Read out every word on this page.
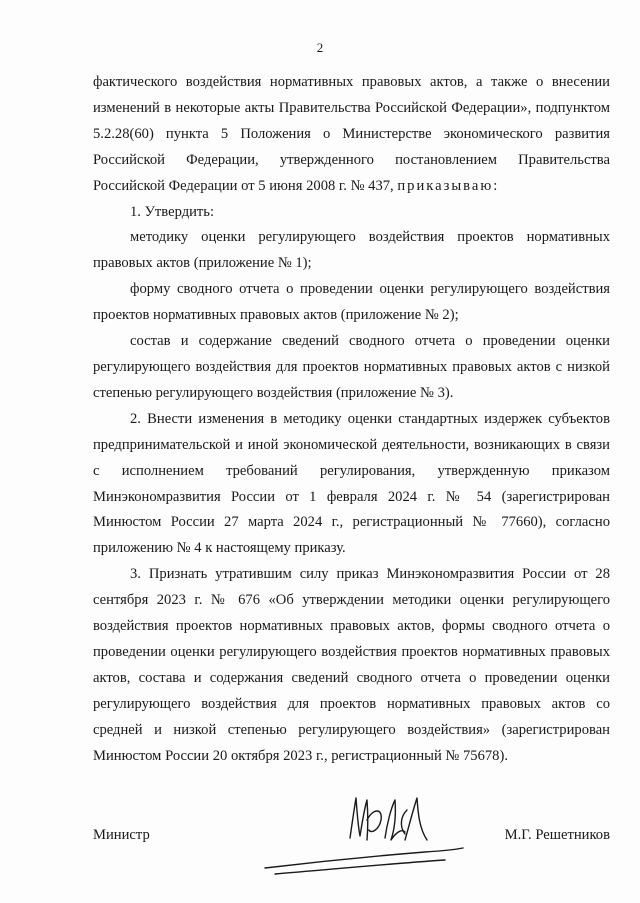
2

фактического воздействия нормативных правовых актов, а также о внесении изменений в некоторые акты Правительства Российской Федерации», подпунктом 5.2.28(60) пункта 5 Положения о Министерстве экономического развития Российской Федерации, утвержденного постановлением Правительства Российской Федерации от 5 июня 2008 г. № 437, приказываю:

1. Утвердить:

методику оценки регулирующего воздействия проектов нормативных правовых актов (приложение № 1);

форму сводного отчета о проведении оценки регулирующего воздействия проектов нормативных правовых актов (приложение № 2);

состав и содержание сведений сводного отчета о проведении оценки регулирующего воздействия для проектов нормативных правовых актов с низкой степенью регулирующего воздействия (приложение № 3).

2. Внести изменения в методику оценки стандартных издержек субъектов предпринимательской и иной экономической деятельности, возникающих в связи с исполнением требований регулирования, утвержденную приказом Минэкономразвития России от 1 февраля 2024 г. № 54 (зарегистрирован Минюстом России 27 марта 2024 г., регистрационный № 77660), согласно приложению № 4 к настоящему приказу.

3. Признать утратившим силу приказ Минэкономразвития России от 28 сентября 2023 г. № 676 «Об утверждении методики оценки регулирующего воздействия проектов нормативных правовых актов, формы сводного отчета о проведении оценки регулирующего воздействия проектов нормативных правовых актов, состава и содержания сведений сводного отчета о проведении оценки регулирующего воздействия для проектов нормативных правовых актов со средней и низкой степенью регулирующего воздействия» (зарегистрирован Минюстом России 20 октября 2023 г., регистрационный № 75678).

Министр	М.Г. Решетников
